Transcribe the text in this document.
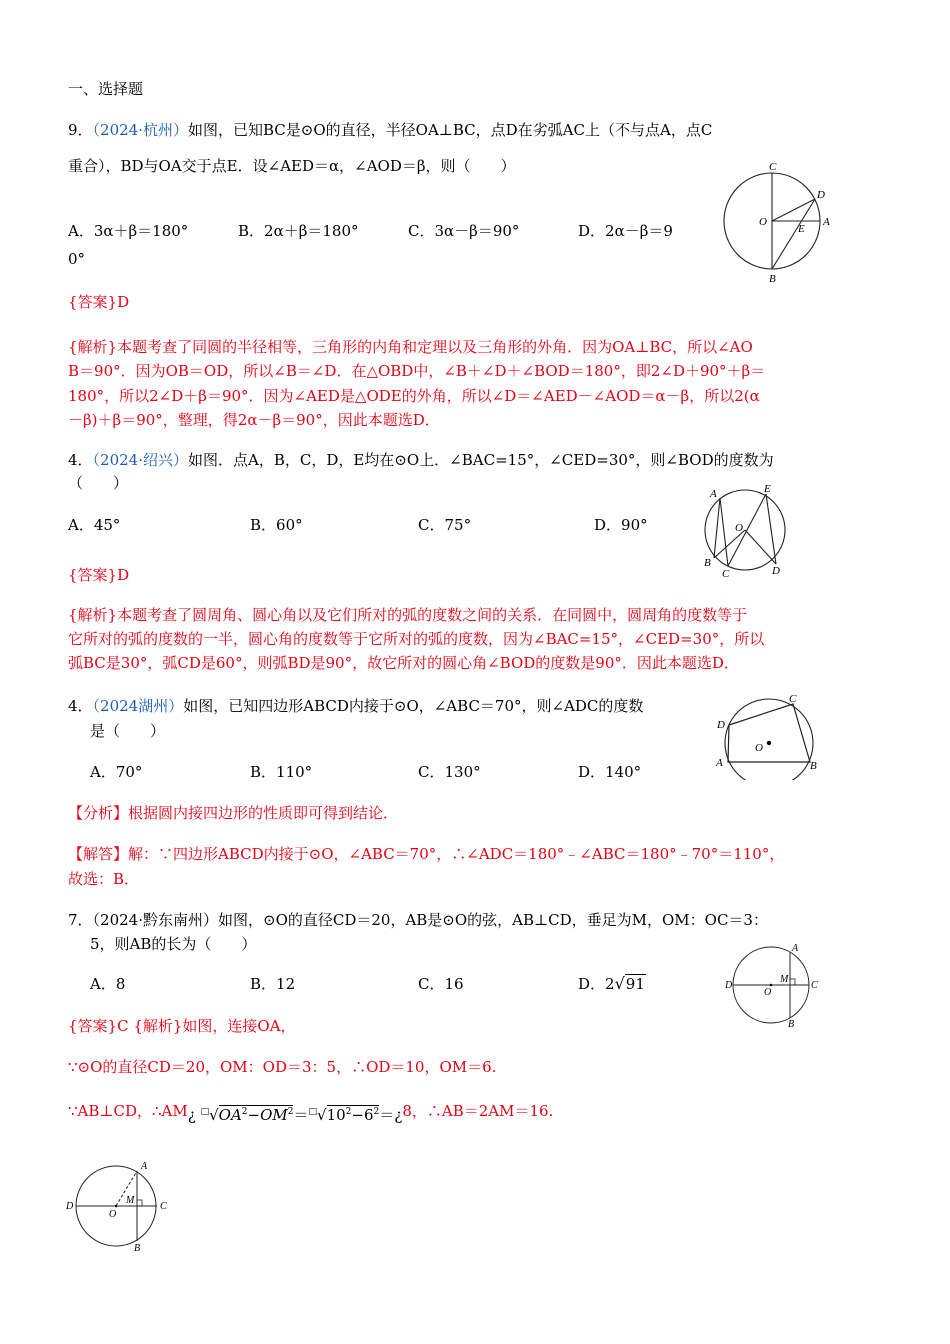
一、选择题
9．（2024·杭州）如图，已知BC是⊙O的直径，半径OA⊥BC，点D在劣弧AC上（不与点A，点C
重合），BD与OA交于点E．设∠AED＝α，∠AOD＝β，则（　　）
A．3α＋β＝180°	B．2α＋β＝180°	C．3α－β＝90°	D．2α－β＝9
0°
C
D
O	A
E
B
{答案}D
{解析}本题考查了同圆的半径相等，三角形的内角和定理以及三角形的外角．因为OA⊥BC，所以∠AO
B＝90°．因为OB＝OD，所以∠B＝∠D．在△OBD中，∠B＋∠D＋∠BOD＝180°，即2∠D＋90°＋β＝
180°，所以2∠D＋β＝90°．因为∠AED是△ODE的外角，所以∠D＝∠AED－∠AOD＝α－β，所以2(α
－β)＋β＝90°，整理，得2α－β＝90°，因此本题选D．
4．（2024·绍兴）如图．点A，B，C，D，E均在⊙O上．∠BAC=15°，∠CED=30°，则∠BOD的度数为
（　　）
A．45°	B．60°	C．75°	D．90°
A	E
O
B
C	D
{答案}D
{解析}本题考查了圆周角、圆心角以及它们所对的弧的度数之间的关系．在同圆中，圆周角的度数等于
它所对的弧的度数的一半，圆心角的度数等于它所对的弧的度数，因为∠BAC=15°，∠CED=30°，所以
弧BC是30°，弧CD是60°，则弧BD是90°，故它所对的圆心角∠BOD的度数是90°．因此本题选D．
4．（2024湖州）如图，已知四边形ABCD内接于⊙O，∠ABC＝70°，则∠ADC的度数
是（　　）
A．70°	B．110°	C．130°	D．140°
C
D
O
A	B
【分析】根据圆内接四边形的性质即可得到结论．
【解答】解：∵四边形ABCD内接于⊙O，∠ABC＝70°，∴∠ADC＝180°﹣∠ABC＝180°﹣70°＝110°，
故选：B．
7．（2024·黔东南州）如图，⊙O的直径CD＝20，AB是⊙O的弦，AB⊥CD，垂足为M，OM：OC＝3：
5，则AB的长为（　　）
A．8	B．12	C．16	D．2√91
A
M
D
O
C
B
{答案}C {解析}如图，连接OA，
∵⊙O的直径CD＝20，OM：OD＝3：5，∴OD＝10，OM＝6.
∵AB⊥CD，∴AM¿ $^□√OA^2-OM^2=^□√10^2-6^2=¿8$，∴AB＝2AM＝16.
A
M
D
O
C
B
